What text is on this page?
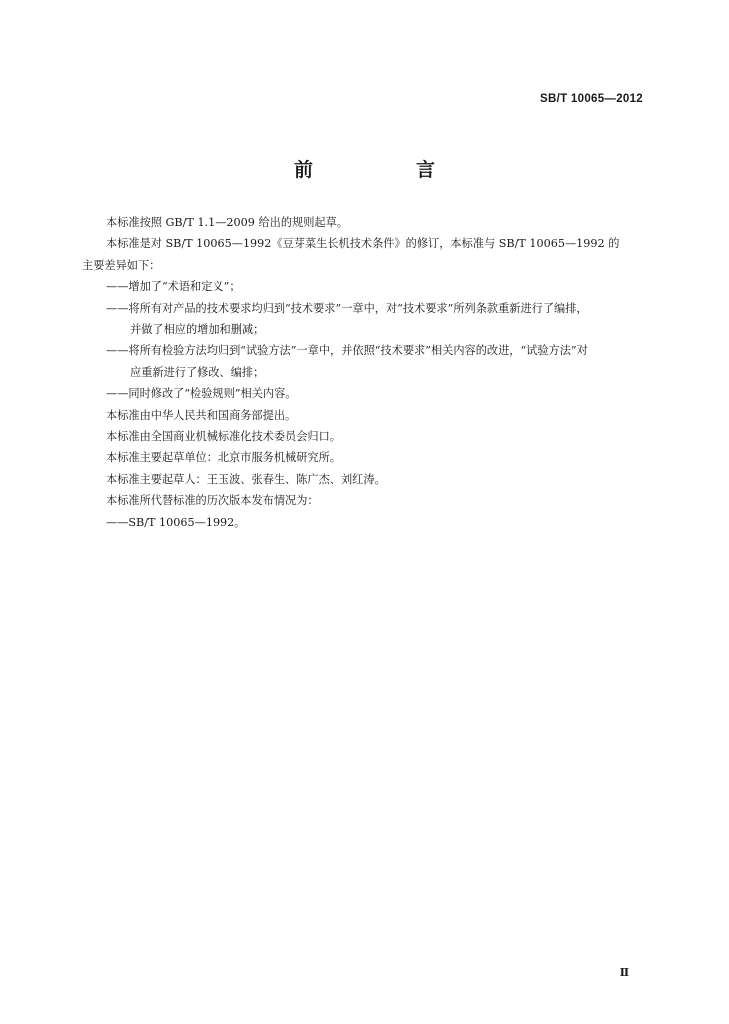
SB/T 10065—2012
前　言

本标准按照 GB/T 1.1—2009 给出的规则起草。

本标准是对 SB/T 10065—1992《豆芽菜生长机技术条件》的修订，本标准与 SB/T 10065—1992 的

主要差异如下：

——增加了“术语和定义”；

——将所有对产品的技术要求均归到“技术要求”一章中，对“技术要求”所列条款重新进行了编排，
并做了相应的增加和删减；

——将所有检验方法均归到“试验方法”一章中，并依照“技术要求”相关内容的改进，“试验方法”对
应重新进行了修改、编排；

——同时修改了“检验规则”相关内容。

本标准由中华人民共和国商务部提出。

本标准由全国商业机械标准化技术委员会归口。

本标准主要起草单位：北京市服务机械研究所。

本标准主要起草人：王玉波、张春生、陈广杰、刘红涛。

本标准所代替标准的历次版本发布情况为：

——SB/T 10065—1992。

Ⅱ
